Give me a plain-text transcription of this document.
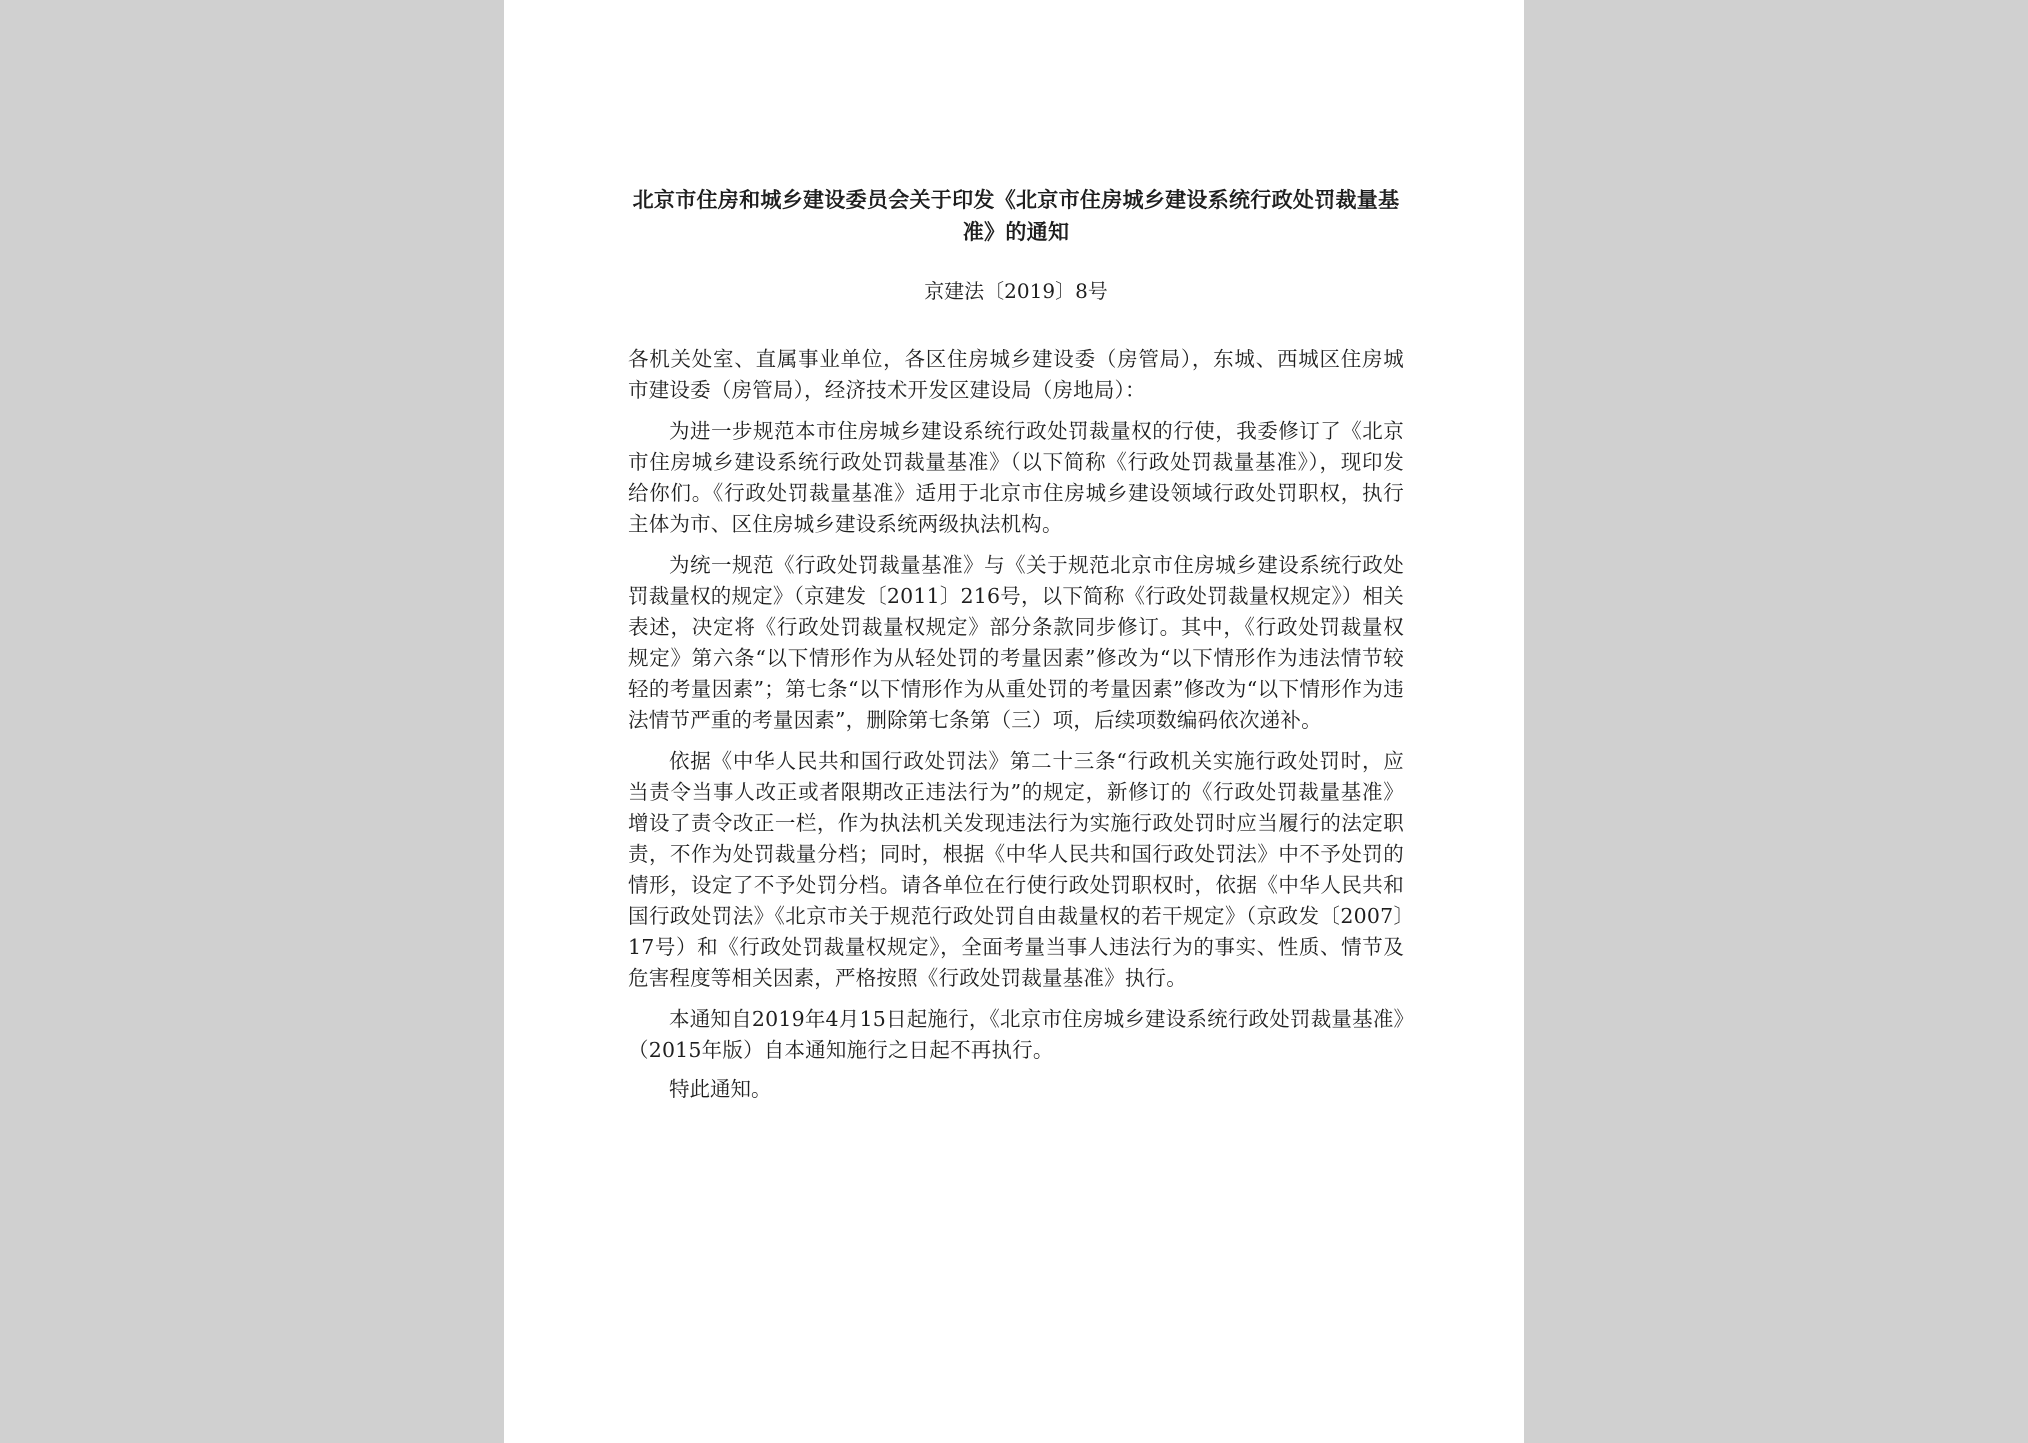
北京市住房和城乡建设委员会关于印发《北京市住房城乡建设系统行政处罚裁量基准》的通知

京建法〔2019〕8号

各机关处室、直属事业单位，各区住房城乡建设委（房管局），东城、西城区住房城市建设委（房管局），经济技术开发区建设局（房地局）：

为进一步规范本市住房城乡建设系统行政处罚裁量权的行使，我委修订了《北京市住房城乡建设系统行政处罚裁量基准》（以下简称《行政处罚裁量基准》），现印发给你们。《行政处罚裁量基准》适用于北京市住房城乡建设领域行政处罚职权，执行主体为市、区住房城乡建设系统两级执法机构。

为统一规范《行政处罚裁量基准》与《关于规范北京市住房城乡建设系统行政处罚裁量权的规定》（京建发〔2011〕216号，以下简称《行政处罚裁量权规定》）相关表述，决定将《行政处罚裁量权规定》部分条款同步修订。其中，《行政处罚裁量权规定》第六条“以下情形作为从轻处罚的考量因素”修改为“以下情形作为违法情节较轻的考量因素”；第七条“以下情形作为从重处罚的考量因素”修改为“以下情形作为违法情节严重的考量因素”，删除第七条第（三）项，后续项数编码依次递补。

依据《中华人民共和国行政处罚法》第二十三条“行政机关实施行政处罚时，应当责令当事人改正或者限期改正违法行为”的规定，新修订的《行政处罚裁量基准》增设了责令改正一栏，作为执法机关发现违法行为实施行政处罚时应当履行的法定职责，不作为处罚裁量分档；同时，根据《中华人民共和国行政处罚法》中不予处罚的情形，设定了不予处罚分档。请各单位在行使行政处罚职权时，依据《中华人民共和国行政处罚法》《北京市关于规范行政处罚自由裁量权的若干规定》（京政发〔2007〕17号）和《行政处罚裁量权规定》，全面考量当事人违法行为的事实、性质、情节及危害程度等相关因素，严格按照《行政处罚裁量基准》执行。

本通知自2019年4月15日起施行，《北京市住房城乡建设系统行政处罚裁量基准》（2015年版）自本通知施行之日起不再执行。

特此通知。
